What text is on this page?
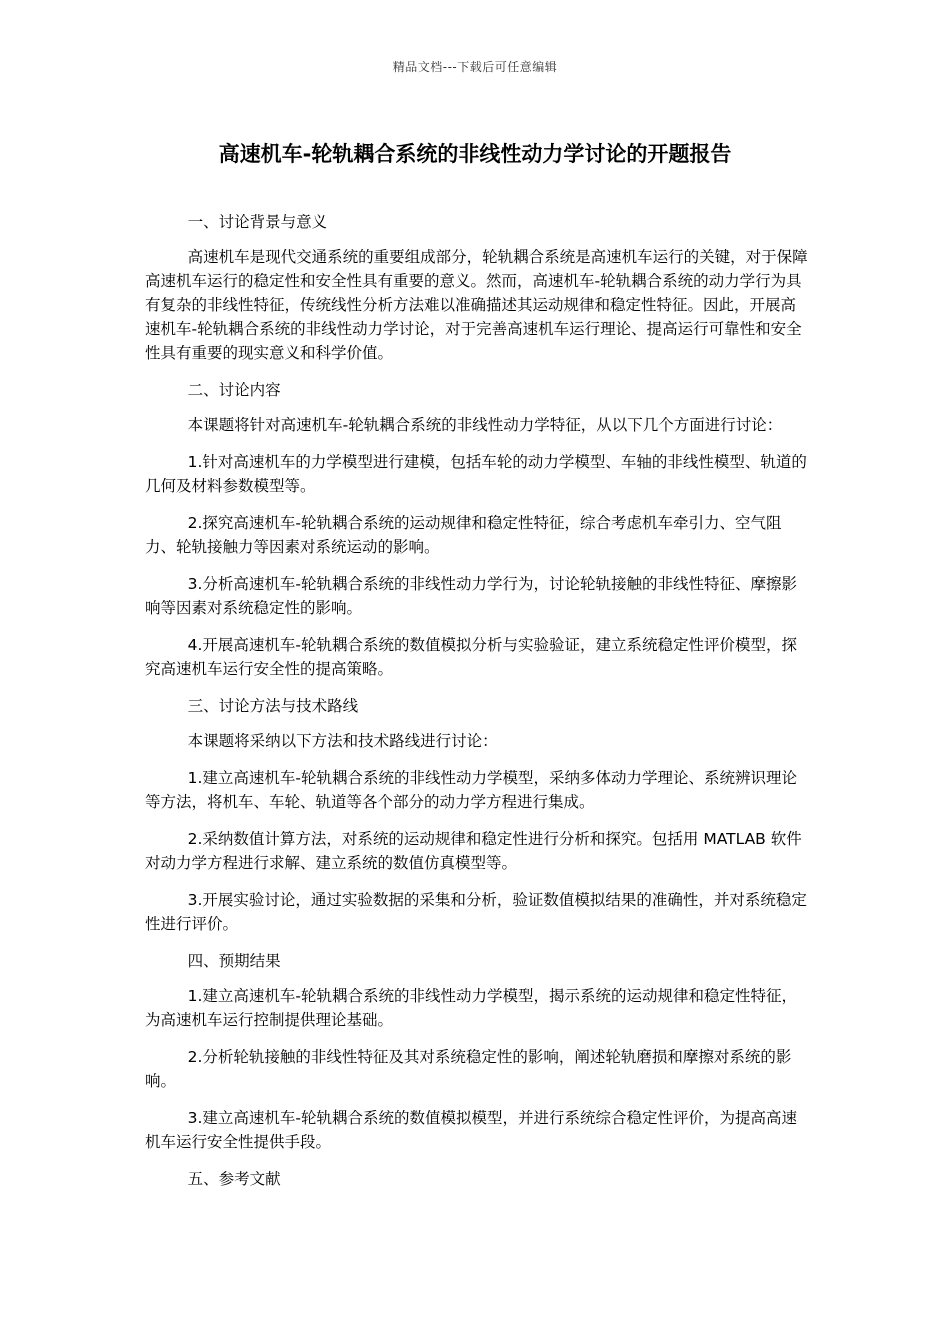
精品文档---下载后可任意编辑
高速机车-轮轨耦合系统的非线性动力学讨论的开题报告

一、讨论背景与意义

高速机车是现代交通系统的重要组成部分，轮轨耦合系统是高速机车运行的关键，对于保障高速机车运行的稳定性和安全性具有重要的意义。然而，高速机车-轮轨耦合系统的动力学行为具有复杂的非线性特征，传统线性分析方法难以准确描述其运动规律和稳定性特征。因此，开展高速机车-轮轨耦合系统的非线性动力学讨论，对于完善高速机车运行理论、提高运行可靠性和安全性具有重要的现实意义和科学价值。

二、讨论内容

本课题将针对高速机车-轮轨耦合系统的非线性动力学特征，从以下几个方面进行讨论：

1.针对高速机车的力学模型进行建模，包括车轮的动力学模型、车轴的非线性模型、轨道的几何及材料参数模型等。

2.探究高速机车-轮轨耦合系统的运动规律和稳定性特征，综合考虑机车牵引力、空气阻力、轮轨接触力等因素对系统运动的影响。

3.分析高速机车-轮轨耦合系统的非线性动力学行为，讨论轮轨接触的非线性特征、摩擦影响等因素对系统稳定性的影响。

4.开展高速机车-轮轨耦合系统的数值模拟分析与实验验证，建立系统稳定性评价模型，探究高速机车运行安全性的提高策略。

三、讨论方法与技术路线

本课题将采纳以下方法和技术路线进行讨论：

1.建立高速机车-轮轨耦合系统的非线性动力学模型，采纳多体动力学理论、系统辨识理论等方法，将机车、车轮、轨道等各个部分的动力学方程进行集成。

2.采纳数值计算方法，对系统的运动规律和稳定性进行分析和探究。包括用 MATLAB 软件对动力学方程进行求解、建立系统的数值仿真模型等。

3.开展实验讨论，通过实验数据的采集和分析，验证数值模拟结果的准确性，并对系统稳定性进行评价。

四、预期结果

1.建立高速机车-轮轨耦合系统的非线性动力学模型，揭示系统的运动规律和稳定性特征，为高速机车运行控制提供理论基础。

2.分析轮轨接触的非线性特征及其对系统稳定性的影响，阐述轮轨磨损和摩擦对系统的影响。

3.建立高速机车-轮轨耦合系统的数值模拟模型，并进行系统综合稳定性评价，为提高高速机车运行安全性提供手段。

五、参考文献
